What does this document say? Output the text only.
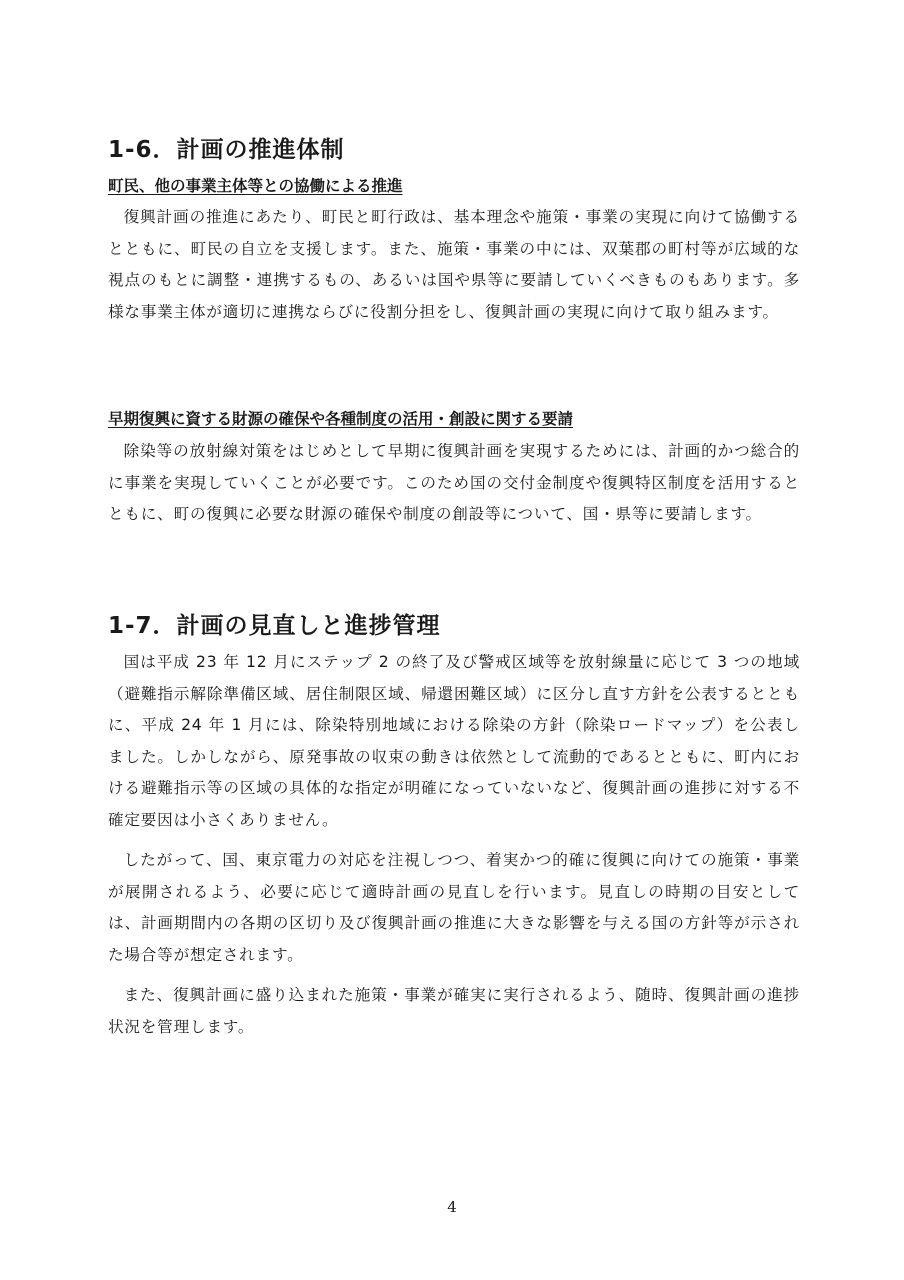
1-6．計画の推進体制
町民、他の事業主体等との協働による推進
復興計画の推進にあたり、町民と町行政は、基本理念や施策・事業の実現に向けて協働するとともに、町民の自立を支援します。また、施策・事業の中には、双葉郡の町村等が広域的な視点のもとに調整・連携するもの、あるいは国や県等に要請していくべきものもあります。多様な事業主体が適切に連携ならびに役割分担をし、復興計画の実現に向けて取り組みます。
早期復興に資する財源の確保や各種制度の活用・創設に関する要請
除染等の放射線対策をはじめとして早期に復興計画を実現するためには、計画的かつ総合的に事業を実現していくことが必要です。このため国の交付金制度や復興特区制度を活用するとともに、町の復興に必要な財源の確保や制度の創設等について、国・県等に要請します。
1-7．計画の見直しと進捗管理
国は平成 23 年 12 月にステップ 2 の終了及び警戒区域等を放射線量に応じて 3 つの地域（避難指示解除準備区域、居住制限区域、帰還困難区域）に区分し直す方針を公表するとともに、平成 24 年 1 月には、除染特別地域における除染の方針（除染ロードマップ）を公表しました。しかしながら、原発事故の収束の動きは依然として流動的であるとともに、町内における避難指示等の区域の具体的な指定が明確になっていないなど、復興計画の進捗に対する不確定要因は小さくありません。
したがって、国、東京電力の対応を注視しつつ、着実かつ的確に復興に向けての施策・事業が展開されるよう、必要に応じて適時計画の見直しを行います。見直しの時期の目安としては、計画期間内の各期の区切り及び復興計画の推進に大きな影響を与える国の方針等が示された場合等が想定されます。
また、復興計画に盛り込まれた施策・事業が確実に実行されるよう、随時、復興計画の進捗状況を管理します。
4
